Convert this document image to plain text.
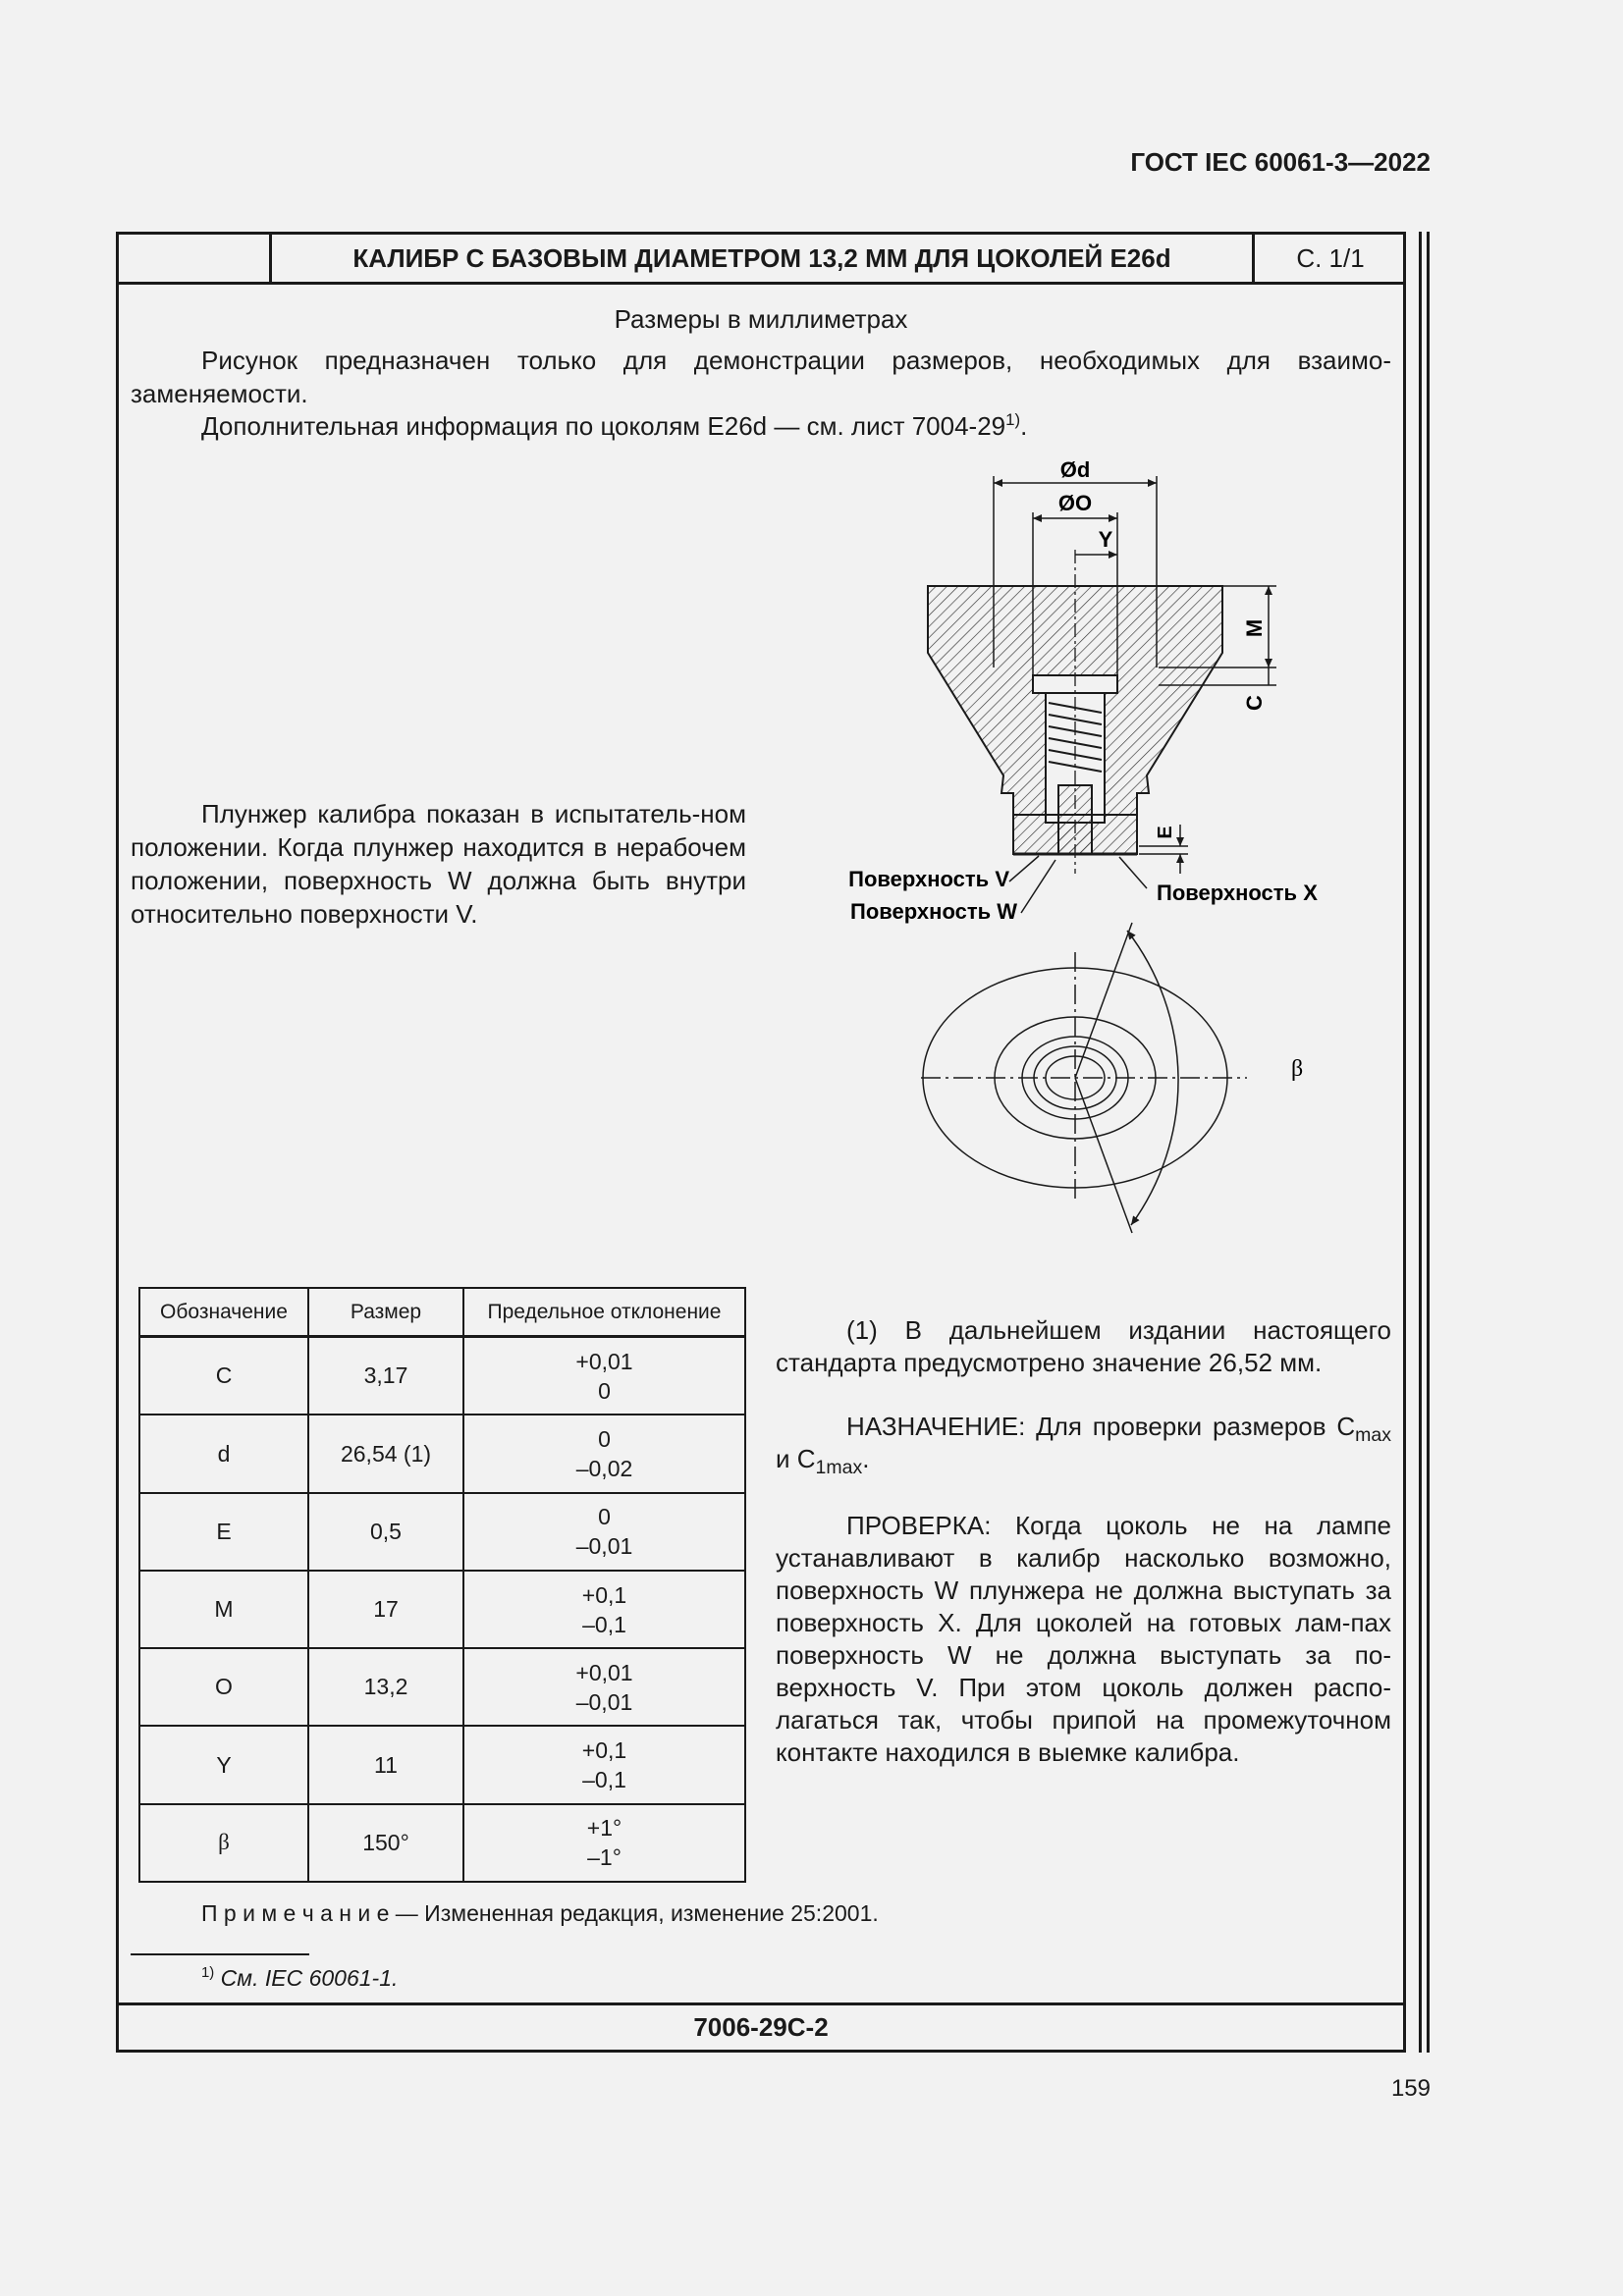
ГОСТ IEC 60061-3—2022
КАЛИБР С БАЗОВЫМ ДИАМЕТРОМ 13,2 ММ ДЛЯ ЦОКОЛЕЙ E26d	С. 1/1
Размеры в миллиметрах
Рисунок предназначен только для демонстрации размеров, необходимых для взаимо-заменяемости.
Дополнительная информация по цоколям E26d — см. лист 7004-29$^{1)}$.
Плунжер калибра показан в испытатель-ном положении. Когда плунжер находится в нерабочем положении, поверхность W должна быть внутри относительно поверхности V.
Ød
ØO
Y
M
C
E
Поверхность V
Поверхность W
Поверхность X
β
Обозначение	Размер	Предельное отклонение
C	3,17	+0,01
0

d	26,54 (1)	0
–0,02

E	0,5	0
–0,01

M	17	+0,1
–0,1

O	13,2	+0,01
–0,01

Y	11	+0,1
–0,1

β	150°	+1°
–1°
(1) В дальнейшем издании настоящего стандарта предусмотрено значение 26,52 мм.
НАЗНАЧЕНИЕ: Для проверки размеров $C_{max}$ и $C_{1max}$.
ПРОВЕРКА: Когда цоколь не на лампе устанавливают в калибр насколько возможно, поверхность W плунжера не должна выступать за поверхность X. Для цоколей на готовых лам-пах поверхность W не должна выступать за по-верхность V. При этом цоколь должен распо-лагаться так, чтобы припой на промежуточном контакте находился в выемке калибра.
П р и м е ч а н и е — Измененная редакция, изменение 25:2001.
$^{1)}$ См. IEC 60061-1.
7006-29C-2
159
